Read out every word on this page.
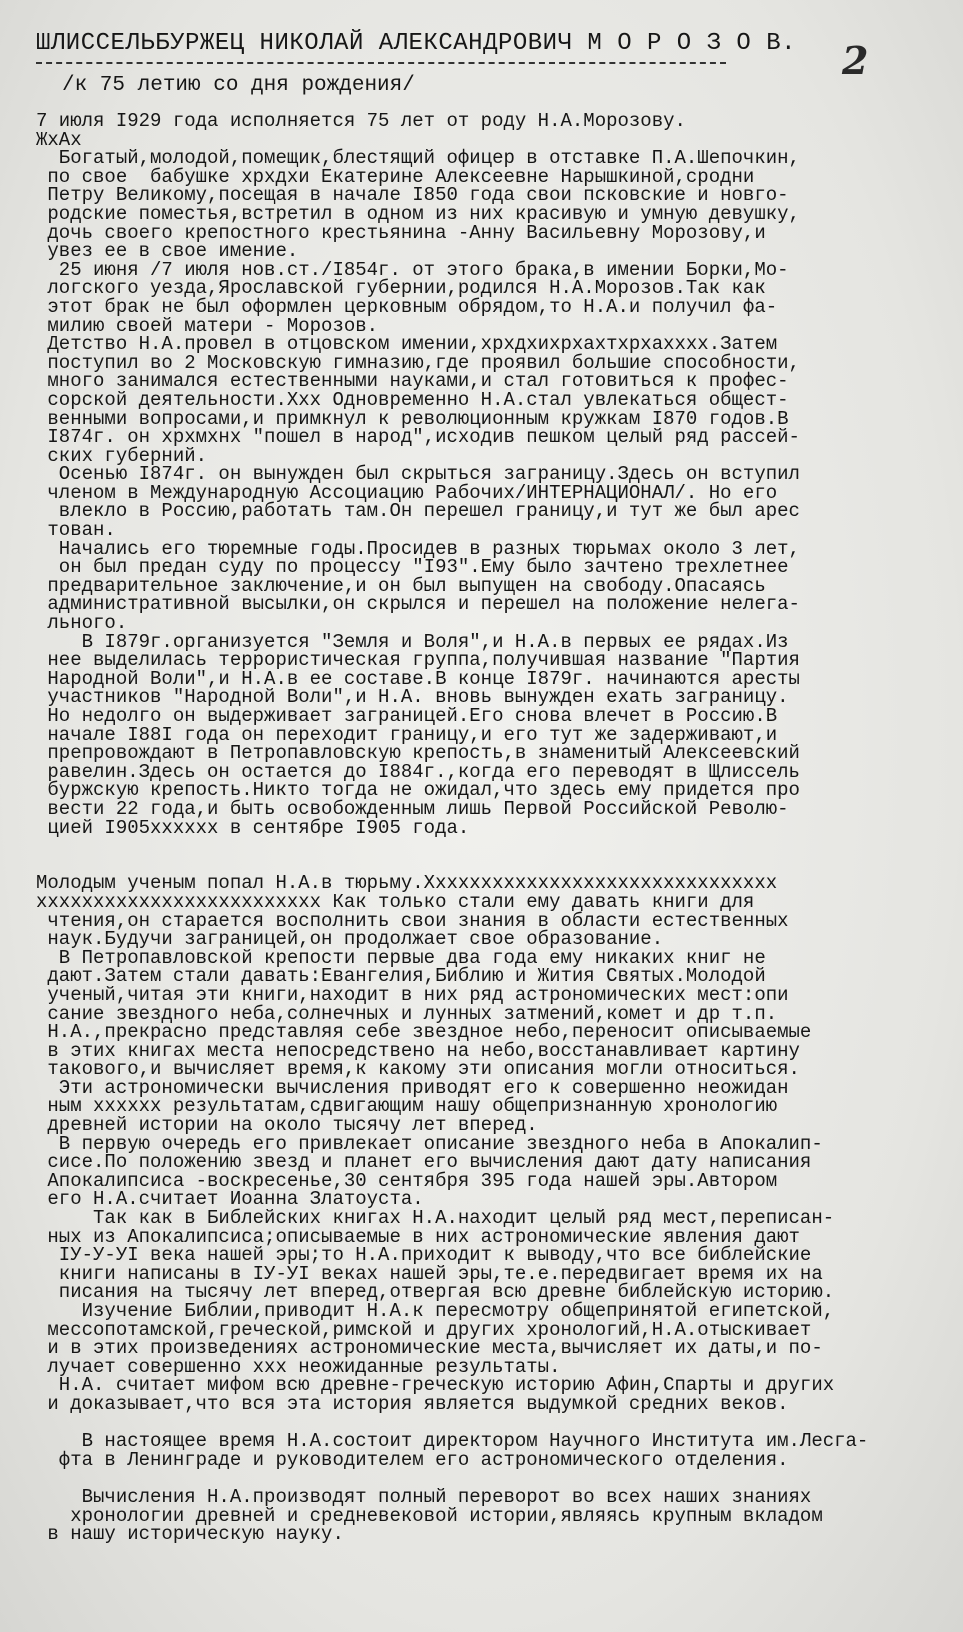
ШЛИССЕЛЬБУРЖЕЦ НИКОЛАЙ АЛЕКСАНДРОВИЧ М О Р О З О В.
/к 75 летию со дня рождения/
2
7 июля I929 года исполняется 75 лет от роду Н.А.Морозову.
ЖхАх
Богатый,молодой,помещик,блестящий офицер в отставке П.А.Шепочкин,
по свое  бабушке хрхдхи Екатерине Алексеевне Нарышкиной,сродни
Петру Великому,посещая в начале I850 года свои псковские и новго-
родские поместья,встретил в одном из них красивую и умную девушку,
дочь своего крепостного крестьянина -Анну Васильевну Морозову,и
увез ее в свое имение.
25 июня /7 июля нов.ст./I854г. от этого брака,в имении Борки,Мо-
логского уезда,Ярославской губернии,родился Н.А.Морозов.Так как
этот брак не был оформлен церковным обрядом,то Н.А.и получил фа-
милию своей матери - Морозов.
Детство Н.А.провел в отцовском имении,хрхдхихрхахтхрхахххх.Затем
поступил во 2 Московскую гимназию,где проявил большие способности,
много занимался естественными науками,и стал готовиться к профес-
сорской деятельности.Ххх Одновременно Н.А.стал увлекаться общест-
венными вопросами,и примкнул к революционным кружкам I870 годов.В
I874г. он хрхмхнх "пошел в народ",исходив пешком целый ряд рассей-
ских губерний.
Осенью I874г. он вынужден был скрыться заграницу.Здесь он вступил
членом в Международную Ассоциацию Рабочих/ИНТЕРНАЦИОНАЛ/. Но его
влекло в Россию,работать там.Он перешел границу,и тут же был арес
тован.
Начались его тюремные годы.Просидев в разных тюрьмах около 3 лет,
он был предан суду по процессу "I93".Ему было зачтено трехлетнее
предварительное заключение,и он был выпущен на свободу.Опасаясь
административной высылки,он скрылся и перешел на положение нелега-
льного.
В I879г.организуется "Земля и Воля",и Н.А.в первых ее рядах.Из
нее выделилась террористическая группа,получившая название "Партия
Народной Воли",и Н.А.в ее составе.В конце I879г. начинаются аресты
участников "Народной Воли",и Н.А. вновь вынужден ехать заграницу.
Но недолго он выдерживает заграницей.Его снова влечет в Россию.В
начале I88I года он переходит границу,и его тут же задерживают,и
препровождают в Петропавловскую крепость,в знаменитый Алексеевский
равелин.Здесь он остается до I884г.,когда его переводят в Щлиссель
буржскую крепость.Никто тогда не ожидал,что здесь ему придется про
вести 22 года,и быть освобожденным лишь Первой Российской Револю-
цией I905хххххх в сентябре I905 года.
Молодым ученым попал Н.А.в тюрьму.Ххххххххххххххххххххххххххххххх
ххххххххххххххххххххххххх Как только стали ему давать книги для
чтения,он старается восполнить свои знания в области естественных
наук.Будучи заграницей,он продолжает свое образование.
В Петропавловской крепости первые два года ему никаких книг не
дают.Затем стали давать:Евангелия,Библию и Жития Святых.Молодой
ученый,читая эти книги,находит в них ряд астрономических мест:опи
сание звездного неба,солнечных и лунных затмений,комет и др т.п.
Н.А.,прекрасно представляя себе звездное небо,переносит описываемые
в этих книгах места непосредствено на небо,восстанавливает картину
такового,и вычисляет время,к какому эти описания могли относиться.
Эти астрономически вычисления приводят его к совершенно неожидан
ным хххххх результатам,сдвигающим нашу общепризнанную хронологию
древней истории на около тысячу лет вперед.
В первую очередь его привлекает описание звездного неба в Апокалип-
сисе.По положению звезд и планет его вычисления дают дату написания
Апокалипсиса -воскресенье,30 сентября 395 года нашей эры.Автором
его Н.А.считает Иоанна Златоуста.
Так как в Библейских книгах Н.А.находит целый ряд мест,переписан-
ных из Апокалипсиса;описываемые в них астрономические явления дают
IУ-У-УI века нашей эры;то Н.А.приходит к выводу,что все библейские
книги написаны в IУ-УI веках нашей эры,те.е.передвигает время их на
писания на тысячу лет вперед,отвергая всю древне библейскую историю.
Изучение Библии,приводит Н.А.к пересмотру общепринятой египетской,
мессопотамской,греческой,римской и других хронологий,Н.А.отыскивает
и в этих произведениях астрономические места,вычисляет их даты,и по-
лучает совершенно ххх неожиданные результаты.
Н.А. считает мифом всю древне-греческую историю Афин,Спарты и других
и доказывает,что вся эта история является выдумкой средних веков.
В настоящее время Н.А.состоит директором Научного Института им.Лесга-
фта в Ленинграде и руководителем его астрономического отделения.
Вычисления Н.А.производят полный переворот во всех наших знаниях
хронологии древней и средневековой истории,являясь крупным вкладом
в нашу историческую науку.
